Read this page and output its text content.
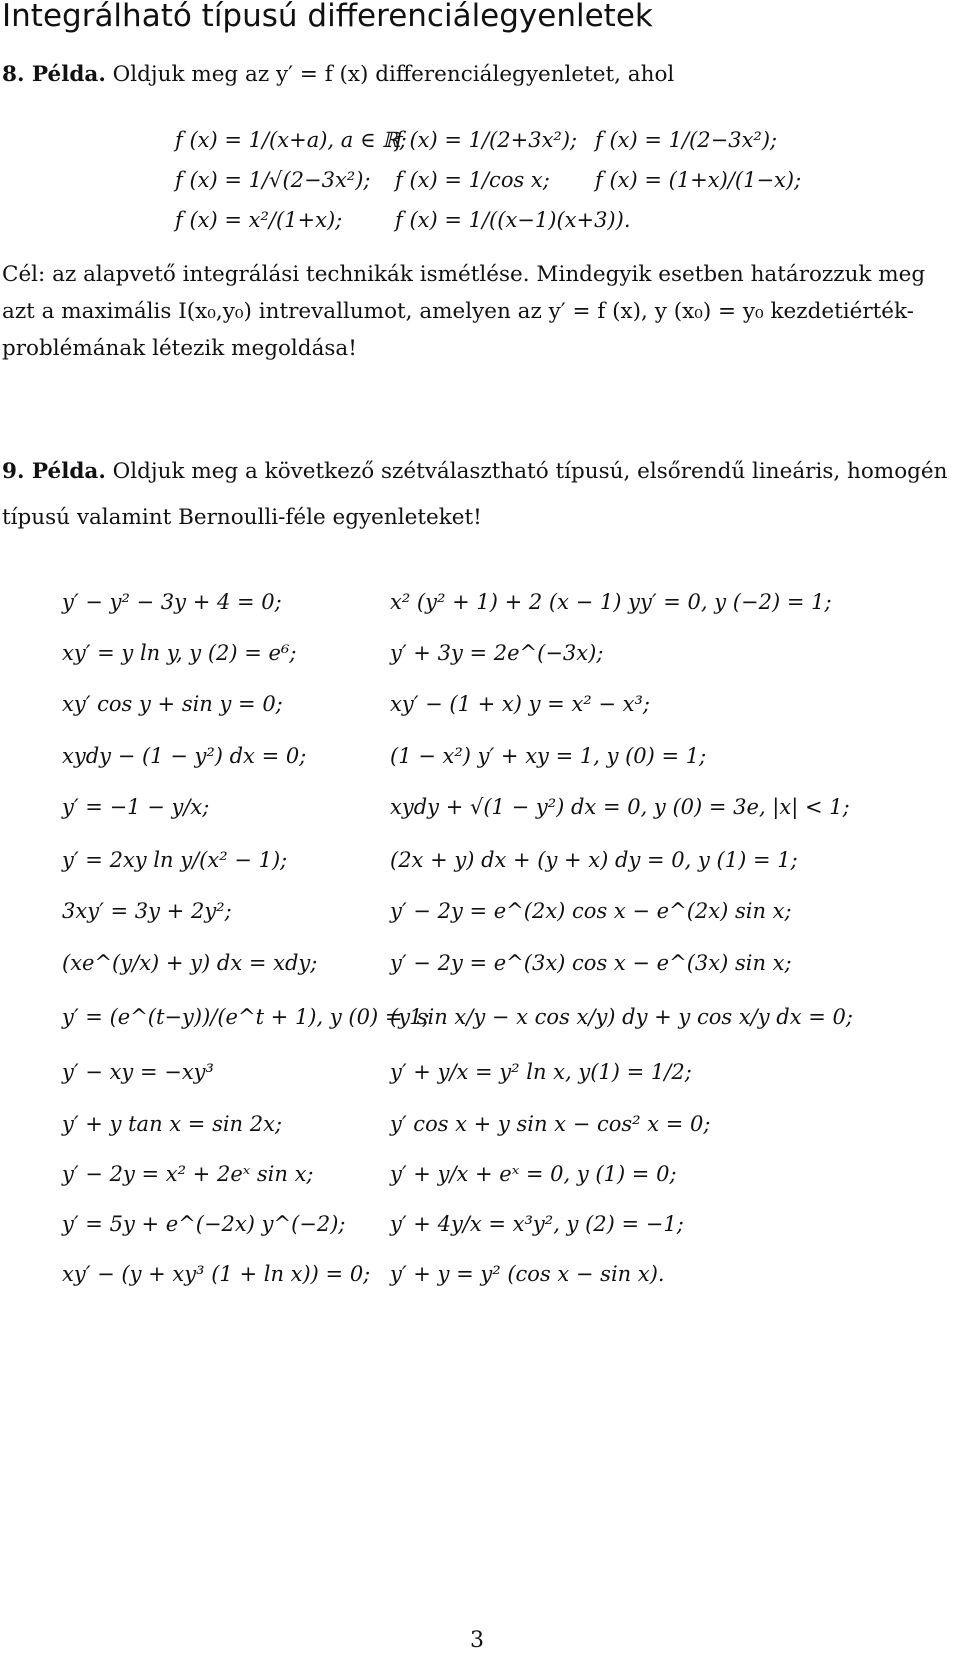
Integrálható típusú differenciálegyenletek
8. Példa. Oldjuk meg az y′ = f (x) differenciálegyenletet, ahol
f (x) = 1/(x+a), a ∈ ℝ;
f (x) = 1/(2+3x²); f (x) = 1/(2−3x²);
f (x) = 1/√(2−3x²); f (x) = 1/cos x; f (x) = (1+x)/(1−x);
f (x) = x²/(1+x);	f (x) = 1/((x−1)(x+3)).
Cél: az alapvető integrálási technikák ismétlése. Mindegyik esetben határozzuk meg
azt a maximális I(x₀,y₀) intrevallumot, amelyen az y′ = f (x), y (x₀) = y₀ kezdetiérték-
problémának létezik megoldása!
9. Példa. Oldjuk meg a következő szétválasztható típusú, elsőrendű lineáris, homogén
típusú valamint Bernoulli-féle egyenleteket!
y′ − y² − 3y + 4 = 0;
xy′ = y ln y, y (2) = e⁶;
xy′ cos y + sin y = 0;
xydy − (1 − y²) dx = 0;
y′ = −1 − y/x;
y′ = 2xy ln y/(x² − 1);
3xy′ = 3y + 2y²;
(xe^(y/x) + y) dx = xdy;
y′ = (e^(t−y))/(e^t + 1), y (0) = 1;
y′ − xy = −xy³
y′ + y tan x = sin 2x;
y′ − 2y = x² + 2eˣ sin x;
y′ = 5y + e^(−2x) y^(−2);
xy′ − (y + xy³ (1 + ln x)) = 0;
x² (y² + 1) + 2 (x − 1) yy′ = 0, y (−2) = 1;
y′ + 3y = 2e^(−3x);
xy′ − (1 + x) y = x² − x³;
(1 − x²) y′ + xy = 1, y (0) = 1;
xydy + √(1 − y²) dx = 0, y (0) = 3e, |x| < 1;
(2x + y) dx + (y + x) dy = 0, y (1) = 1;
y′ − 2y = e^(2x) cos x − e^(2x) sin x;
y′ − 2y = e^(3x) cos x − e^(3x) sin x;
(y sin x/y − x cos x/y) dy + y cos x/y dx = 0;
y′ + y/x = y² ln x, y(1) = 1/2;
y′ cos x + y sin x − cos² x = 0;
y′ + y/x + eˣ = 0, y (1) = 0;
y′ + 4y/x = x³y², y (2) = −1;
y′ + y = y² (cos x − sin x).
3
